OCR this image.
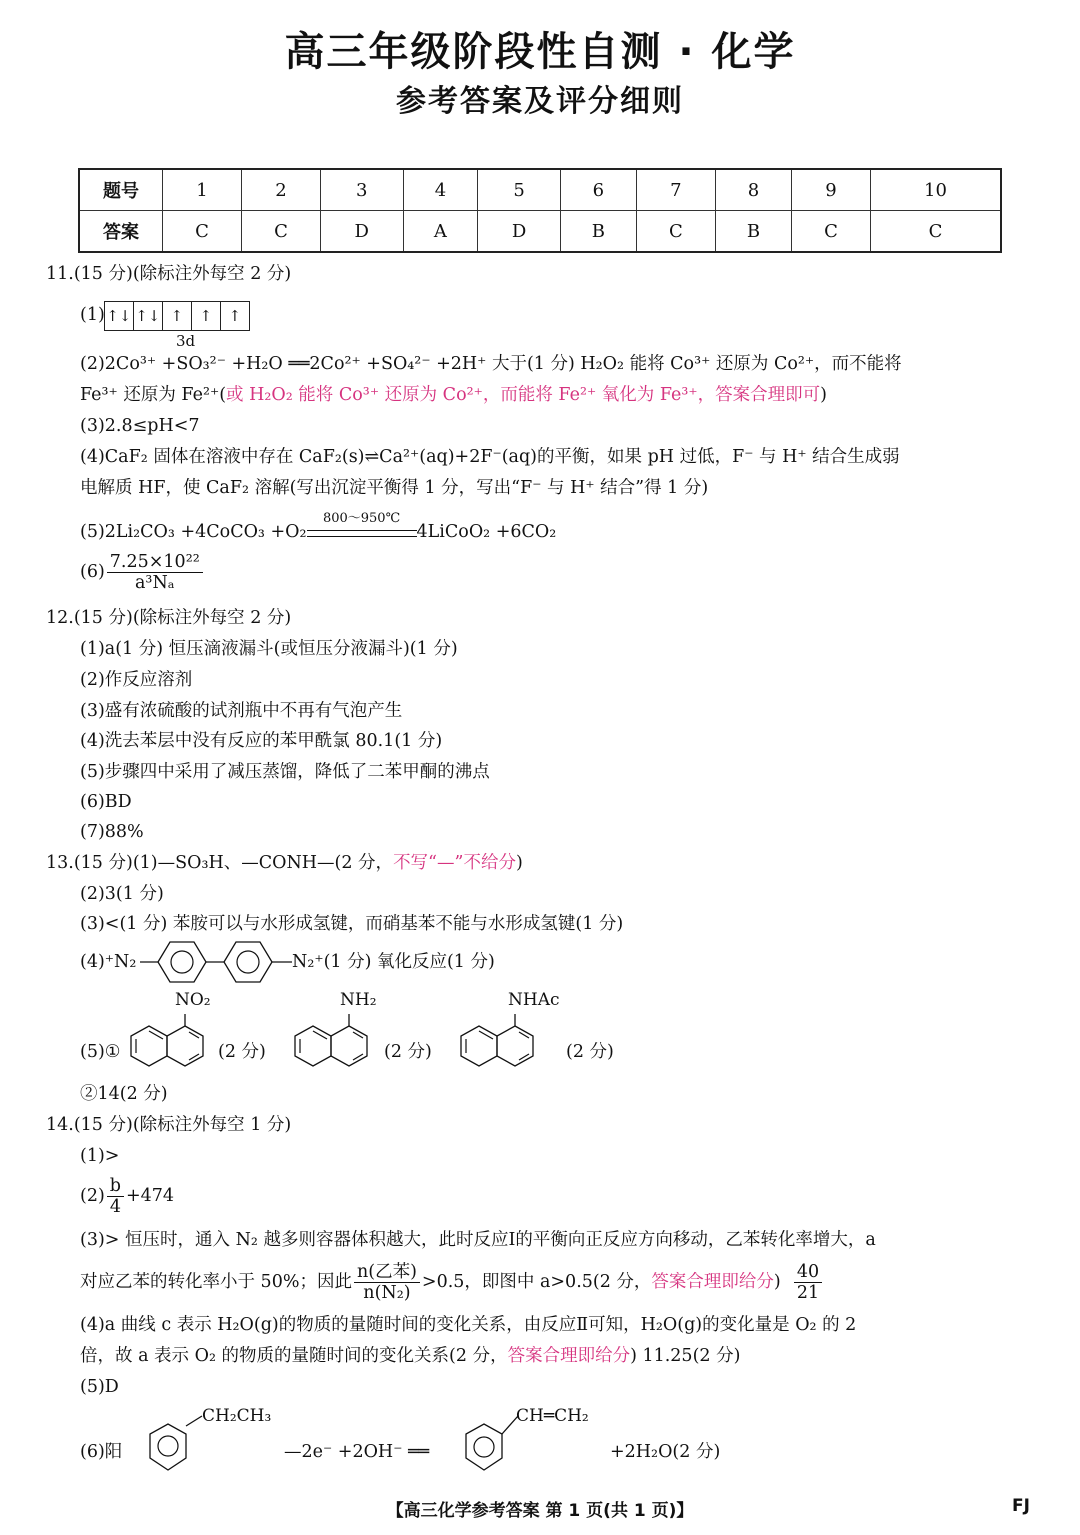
高三年级阶段性自测 · 化学
参考答案及评分细则
题号	1	2	3	4	5	6	7	8	9	10
答案	C	C	D	A	D	B	C	B	C	C
11.(15 分)(除标注外每空 2 分)
(1)↑↓ ↑↓ ↑ ↑ ↑
3d
(2)2Co³⁺ +SO₃²⁻ +H₂O ══2Co²⁺ +SO₄²⁻ +2H⁺ 大于(1 分) H₂O₂ 能将 Co³⁺ 还原为 Co²⁺，而不能将
Fe³⁺ 还原为 Fe²⁺(或 H₂O₂ 能将 Co³⁺ 还原为 Co²⁺，而能将 Fe²⁺ 氧化为 Fe³⁺，答案合理即可)
(3)2.8≤pH<7
(4)CaF₂ 固体在溶液中存在 CaF₂(s)⇌Ca²⁺(aq)+2F⁻(aq)的平衡，如果 pH 过低，F⁻ 与 H⁺ 结合生成弱
电解质 HF，使 CaF₂ 溶解(写出沉淀平衡得 1 分，写出“F⁻ 与 H⁺ 结合”得 1 分)
(5)2Li₂CO₃ +4CoCO₃ +O₂
800～950℃
4LiCoO₂ +6CO₂
$(6) \frac{\text{7.25×10²²}}{\text{a³Nₐ}}$
12.(15 分)(除标注外每空 2 分)
(1)a(1 分) 恒压滴液漏斗(或恒压分液漏斗)(1 分)
(2)作反应溶剂
(3)盛有浓硫酸的试剂瓶中不再有气泡产生
(4)洗去苯层中没有反应的苯甲酰氯 80.1(1 分)
(5)步骤四中采用了减压蒸馏，降低了二苯甲酮的沸点
(6)BD
(7)88%
13.(15 分)(1)—SO₃H、—CONH—(2 分，不写“—”不给分)
(2)3(1 分)
(3)<(1 分) 苯胺可以与水形成氢键，而硝基苯不能与水形成氢键(1 分)
(4)⁺N₂	N₂⁺(1 分) 氧化反应(1 分)
(5)①
NO₂
(2 分)
NH₂
(2 分)
NHAc
(2 分)
②14(2 分)
14.(15 分)(除标注外每空 1 分)
(1)>
$(2) \frac{b}{4} +474$
(3)> 恒压时，通入 N₂ 越多则容器体积越大，此时反应Ⅰ的平衡向正反应方向移动，乙苯转化率增大，a
对应乙苯的转化率小于 50%；因此 $\frac{\text{n(乙苯)}}{\text{n(N₂)}} >0.5$，即图中 a>0.5(2 分，答案合理即给分) $\frac{40}{21}$
(4)a 曲线 c 表示 H₂O(g)的物质的量随时间的变化关系，由反应Ⅱ可知，H₂O(g)的变化量是 O₂ 的 2
倍，故 a 表示 O₂ 的物质的量随时间的变化关系(2 分，答案合理即给分) 11.25(2 分)
(5)D
(6)阳
CH₂CH₃
—2e⁻ +2OH⁻ ══
CH═CH₂
+2H₂O(2 分)
【高三化学参考答案 第 1 页(共 1 页)】	FJ
